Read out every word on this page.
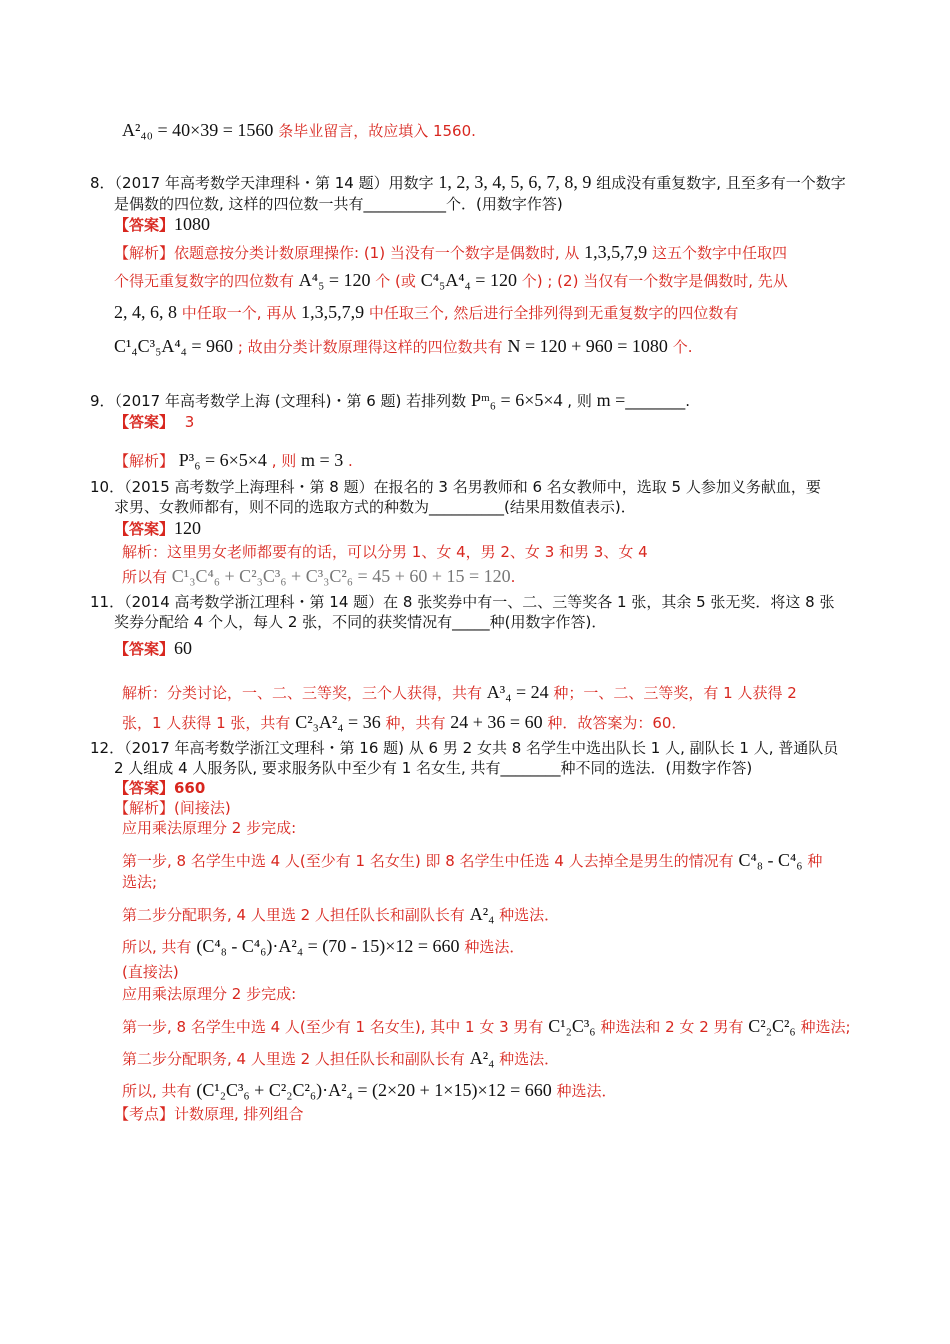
A²₄₀ = 40×39 = 1560 条毕业留言，故应填入 1560.
8．（2017 年高考数学天津理科・第 14 题）用数字 1, 2, 3, 4, 5, 6, 7, 8, 9 组成没有重复数字, 且至多有一个数字
是偶数的四位数, 这样的四位数一共有___________个．(用数字作答)
【答案】1080
【解析】依题意按分类计数原理操作: (1) 当没有一个数字是偶数时, 从 1,3,5,7,9 这五个数字中任取四
个得无重复数字的四位数有 A⁴₅ = 120 个 (或 C⁴₅A⁴₄ = 120 个) ; (2) 当仅有一个数字是偶数时, 先从
2, 4, 6, 8 中任取一个, 再从 1,3,5,7,9 中任取三个, 然后进行全排列得到无重复数字的四位数有
C¹₄C³₅A⁴₄ = 960 ; 故由分类计数原理得这样的四位数共有 N = 120 + 960 = 1080 个.
9．（2017 年高考数学上海 (文理科)・第 6 题) 若排列数 Pᵐ₆ = 6×5×4 , 则 m =________.
【答案】 3
【解析】 P³₆ = 6×5×4 , 则 m = 3 .
10．（2015 高考数学上海理科・第 8 题）在报名的 3 名男教师和 6 名女教师中，选取 5 人参加义务献血，要
求男、女教师都有，则不同的选取方式的种数为__________(结果用数值表示)．
【答案】120
解析：这里男女老师都要有的话，可以分男 1、女 4，男 2、女 3 和男 3、女 4
所以有 C¹₃C⁴₆ + C²₃C³₆ + C³₃C²₆ = 45 + 60 + 15 = 120.
11．（2014 高考数学浙江理科・第 14 题）在 8 张奖券中有一、二、三等奖各 1 张，其余 5 张无奖．将这 8 张
奖券分配给 4 个人，每人 2 张，不同的获奖情况有_____种(用数字作答)．
【答案】60
解析：分类讨论，一、二、三等奖，三个人获得，共有 A³₄ = 24 种；一、二、三等奖，有 1 人获得 2
张，1 人获得 1 张，共有 C²₃A²₄ = 36 种，共有 24 + 36 = 60 种．故答案为：60．
12．（2017 年高考数学浙江文理科・第 16 题) 从 6 男 2 女共 8 名学生中选出队长 1 人, 副队长 1 人, 普通队员
2 人组成 4 人服务队, 要求服务队中至少有 1 名女生, 共有________种不同的选法．(用数字作答)
【答案】660
【解析】(间接法)
应用乘法原理分 2 步完成:
第一步, 8 名学生中选 4 人(至少有 1 名女生) 即 8 名学生中任选 4 人去掉全是男生的情况有 C⁴₈ - C⁴₆ 种
选法;
第二步分配职务, 4 人里选 2 人担任队长和副队长有 A²₄ 种选法．
所以, 共有 (C⁴₈ - C⁴₆)·A²₄ = (70 - 15)×12 = 660 种选法．
(直接法)
应用乘法原理分 2 步完成:
第一步, 8 名学生中选 4 人(至少有 1 名女生), 其中 1 女 3 男有 C¹₂C³₆ 种选法和 2 女 2 男有 C²₂C²₆ 种选法;
第二步分配职务, 4 人里选 2 人担任队长和副队长有 A²₄ 种选法．
所以, 共有 (C¹₂C³₆ + C²₂C²₆)·A²₄ = (2×20 + 1×15)×12 = 660 种选法．
【考点】计数原理, 排列组合
